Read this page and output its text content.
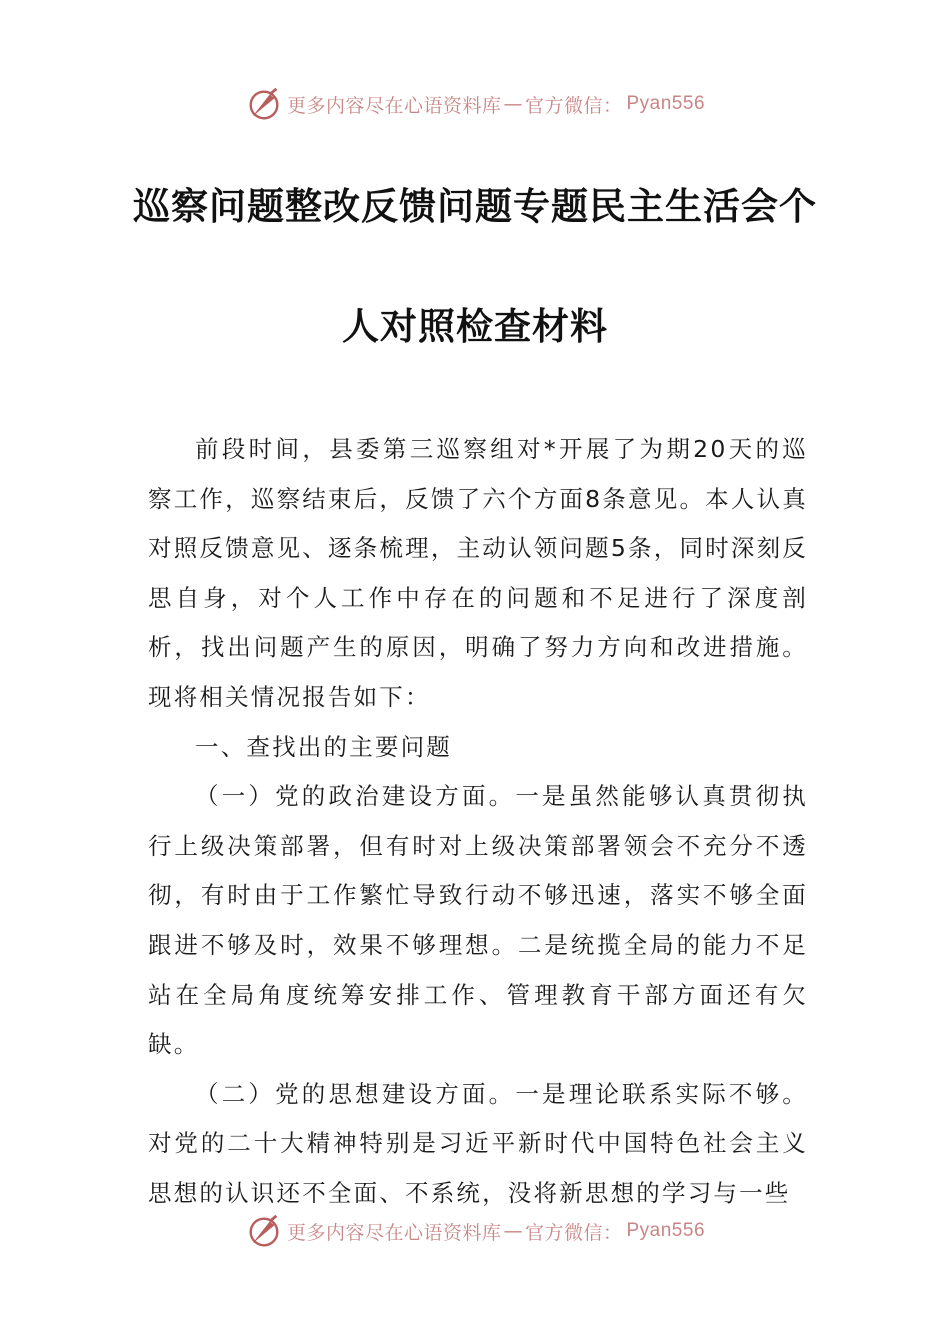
更多内容尽在心语资料库 — 官方微信： Pyan556
巡察问题整改反馈问题专题民主生活会个
人对照检查材料

前段时间，县委第三巡察组对*开展了为期20天的巡察工作，巡察结束后，反馈了六个方面8条意见。本人认真对照反馈意见、逐条梳理，主动认领问题5条，同时深刻反思自身，对个人工作中存在的问题和不足进行了深度剖析，找出问题产生的原因，明确了努力方向和改进措施。现将相关情况报告如下：

一、查找出的主要问题

（一）党的政治建设方面。一是虽然能够认真贯彻执行上级决策部署，但有时对上级决策部署领会不充分不透彻，有时由于工作繁忙导致行动不够迅速，落实不够全面跟进不够及时，效果不够理想。二是统揽全局的能力不足站在全局角度统筹安排工作、管理教育干部方面还有欠缺。

（二）党的思想建设方面。一是理论联系实际不够。对党的二十大精神特别是习近平新时代中国特色社会主义思想的认识还不全面、不系统，没将新思想的学习与一些

更多内容尽在心语资料库 — 官方微信： Pyan556
